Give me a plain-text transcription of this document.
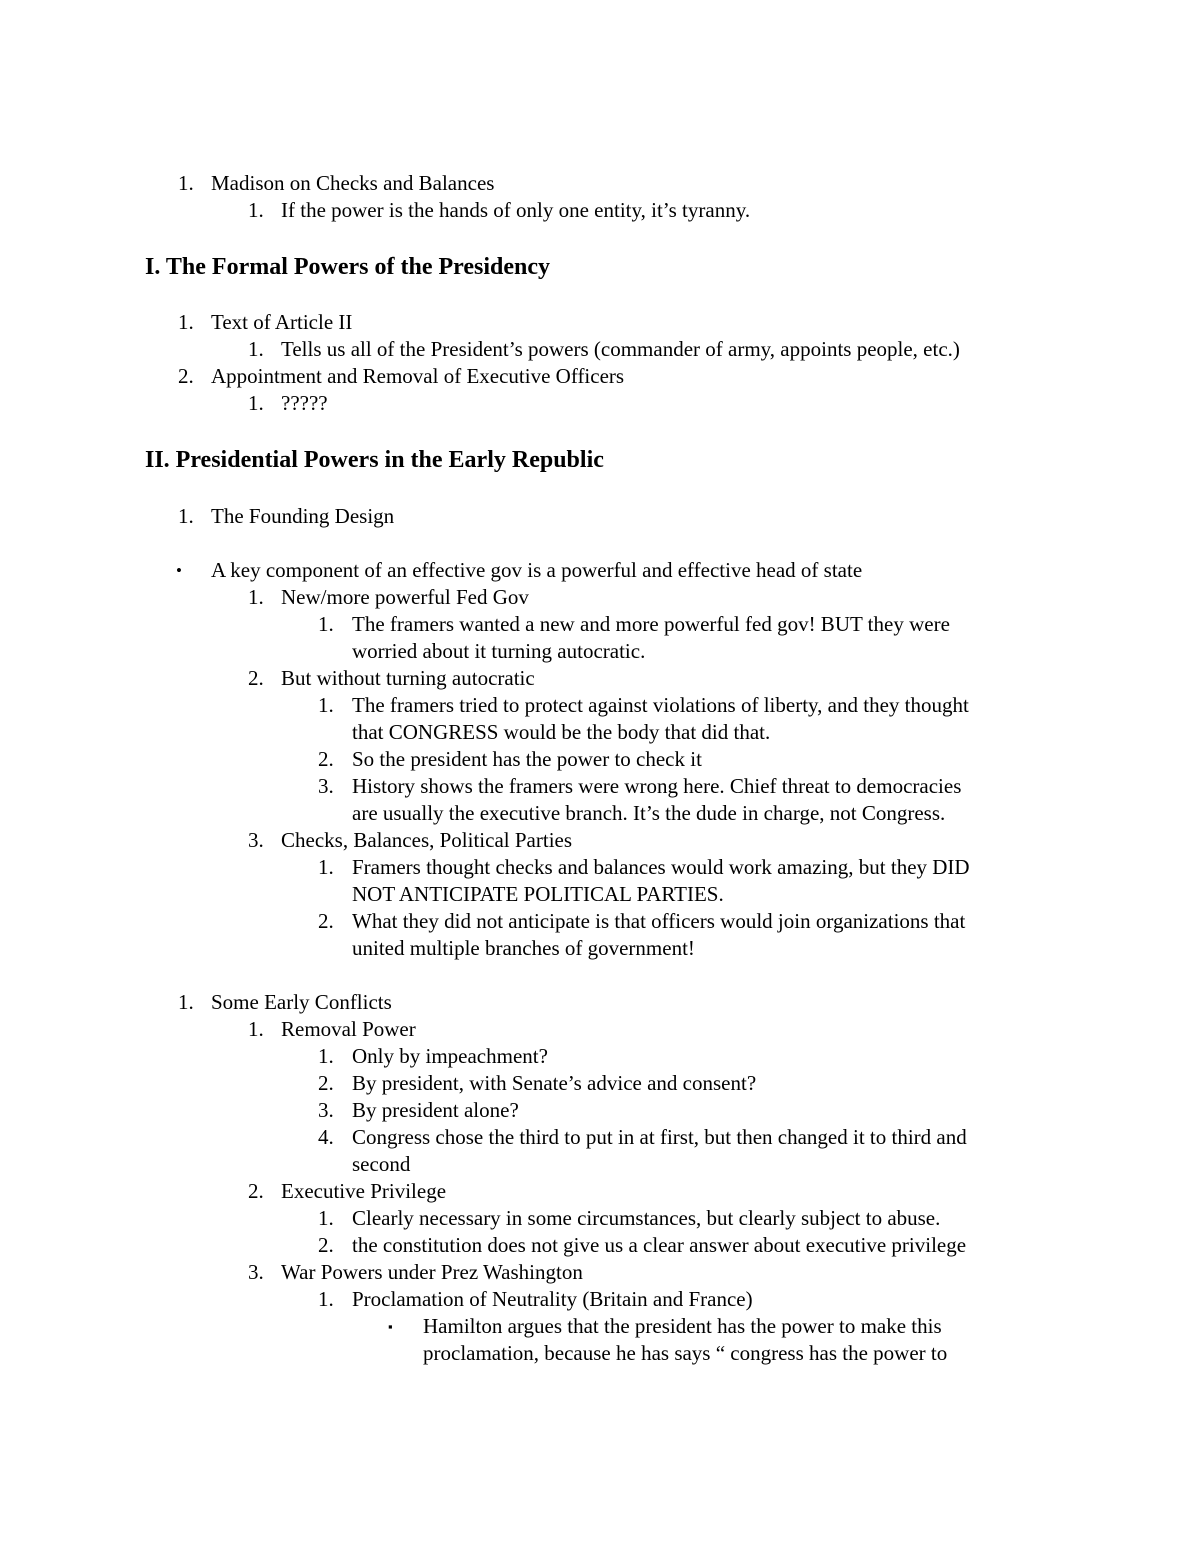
1. Madison on Checks and Balances
1. If the power is the hands of only one entity, it’s tyranny.
I. The Formal Powers of the Presidency
1. Text of Article II
1. Tells us all of the President’s powers (commander of army, appoints people, etc.)
2. Appointment and Removal of Executive Officers
1. ?????
II. Presidential Powers in the Early Republic
1. The Founding Design
• A key component of an effective gov is a powerful and effective head of state
1. New/more powerful Fed Gov
1. The framers wanted a new and more powerful fed gov! BUT they were
worried about it turning autocratic.
2. But without turning autocratic
1. The framers tried to protect against violations of liberty, and they thought
that CONGRESS would be the body that did that.
2. So the president has the power to check it
3. History shows the framers were wrong here. Chief threat to democracies
are usually the executive branch. It’s the dude in charge, not Congress.
3. Checks, Balances, Political Parties
1. Framers thought checks and balances would work amazing, but they DID
NOT ANTICIPATE POLITICAL PARTIES.
2. What they did not anticipate is that officers would join organizations that
united multiple branches of government!
1. Some Early Conflicts
1. Removal Power
1. Only by impeachment?
2. By president, with Senate’s advice and consent?
3. By president alone?
4. Congress chose the third to put in at first, but then changed it to third and
second
2. Executive Privilege
1. Clearly necessary in some circumstances, but clearly subject to abuse.
2. the constitution does not give us a clear answer about executive privilege
3. War Powers under Prez Washington
1. Proclamation of Neutrality (Britain and France)
▪ Hamilton argues that the president has the power to make this
proclamation, because he has says “ congress has the power to
